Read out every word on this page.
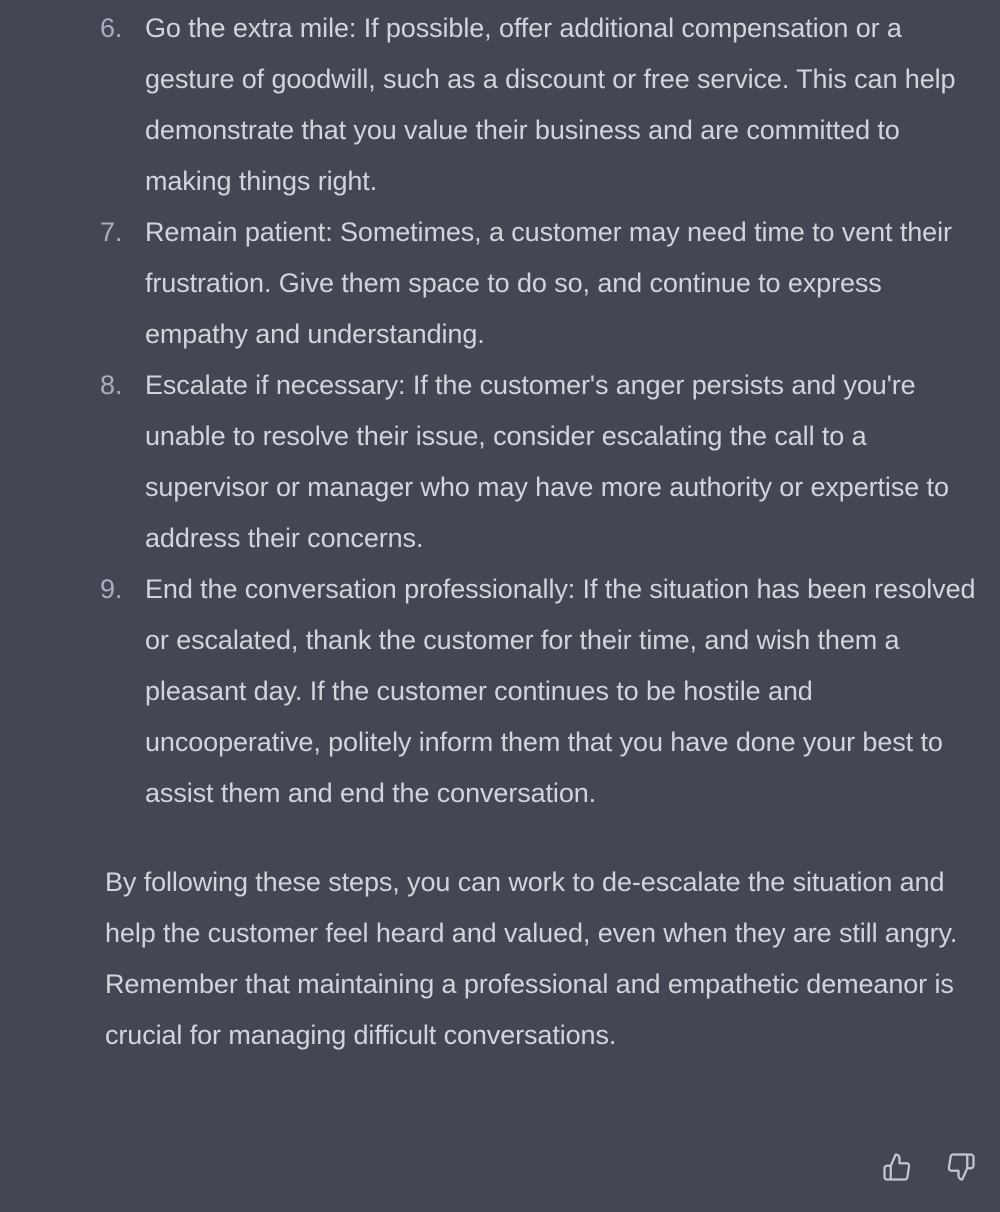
6. Go the extra mile: If possible, offer additional compensation or a gesture of goodwill, such as a discount or free service. This can help demonstrate that you value their business and are committed to making things right.
7. Remain patient: Sometimes, a customer may need time to vent their frustration. Give them space to do so, and continue to express empathy and understanding.
8. Escalate if necessary: If the customer's anger persists and you're unable to resolve their issue, consider escalating the call to a supervisor or manager who may have more authority or expertise to address their concerns.
9. End the conversation professionally: If the situation has been resolved or escalated, thank the customer for their time, and wish them a pleasant day. If the customer continues to be hostile and uncooperative, politely inform them that you have done your best to assist them and end the conversation.

By following these steps, you can work to de-escalate the situation and help the customer feel heard and valued, even when they are still angry. Remember that maintaining a professional and empathetic demeanor is crucial for managing difficult conversations.
